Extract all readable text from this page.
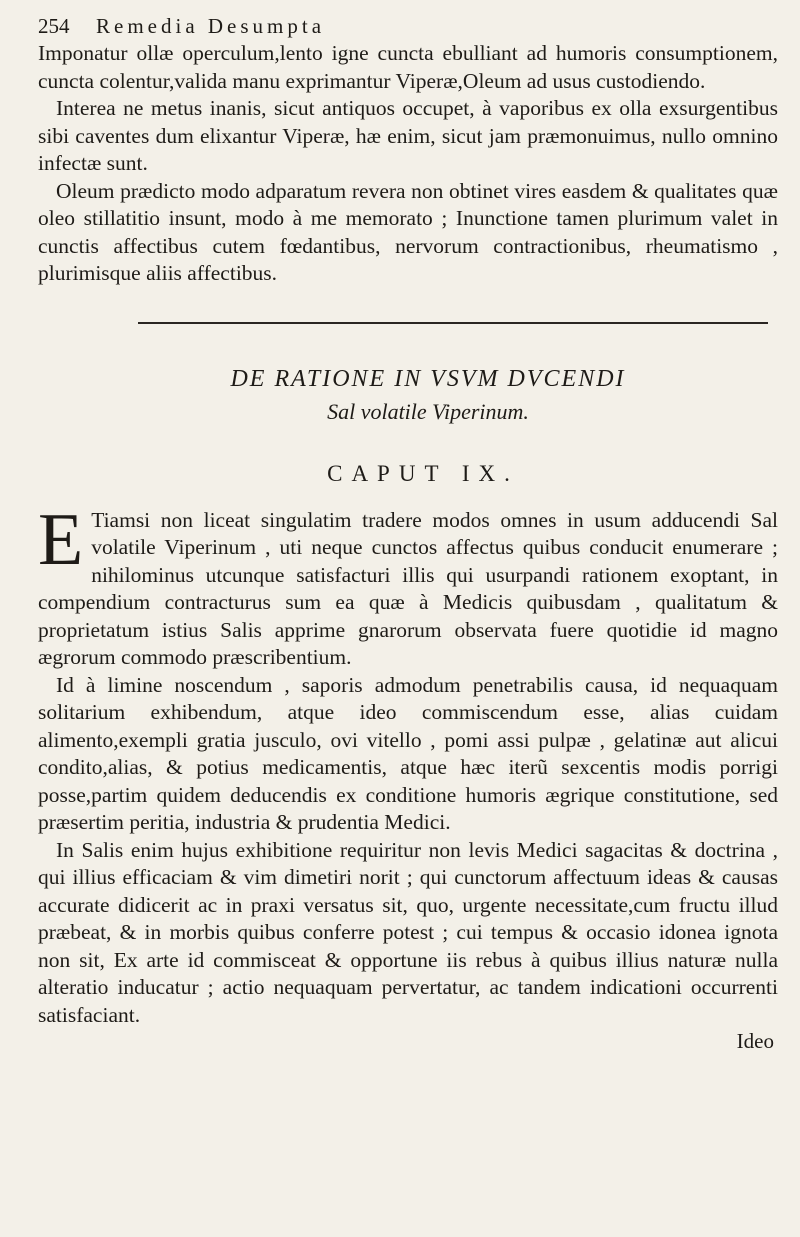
254	Remedia Desumpta

Imponatur ollæ operculum,lento igne cuncta ebulliant ad humoris consumptionem, cuncta colentur,valida manu exprimantur Viperæ,Oleum ad usus custodiendo.

Interea ne metus inanis, sicut antiquos occupet, à vaporibus ex olla exsurgentibus sibi caventes dum elixantur Viperæ, hæ enim, sicut jam præmonuimus, nullo omnino infectæ sunt.

Oleum prædicto modo adparatum revera non obtinet vires easdem & qualitates quæ oleo stillatitio insunt, modo à me memorato ; Inunctione tamen plurimum valet in cunctis affectibus cutem fœdantibus, nervorum contractionibus, rheumatismo , plurimisque aliis affectibus.

DE RATIONE IN VSVM DVCENDI
Sal volatile Viperinum.
CAPUT IX.
E Tiamsi non liceat singulatim tradere modos omnes in usum adducendi Sal volatile Viperinum , uti neque cunctos affectus quibus conducit enumerare ; nihilominus utcunque satisfacturi illis qui usurpandi rationem exoptant, in compendium contracturus sum ea quæ à Medicis quibusdam , qualitatum & proprietatum istius Salis apprime gnarorum observata fuere quotidie id magno ægrorum commodo præscribentium.

Id à limine noscendum , saporis admodum penetrabilis causa, id nequaquam solitarium exhibendum, atque ideo commiscendum esse, alias cuidam alimento,exempli gratia jusculo, ovi vitello , pomi assi pulpæ , gelatinæ aut alicui condito,alias, & potius medicamentis, atque hæc iterũ sexcentis modis porrigi posse,partim quidem deducendis ex conditione humoris ægrique constitutione, sed præsertim peritia, industria & prudentia Medici.

In Salis enim hujus exhibitione requiritur non levis Medici sagacitas & doctrina , qui illius efficaciam & vim dimetiri norit ; qui cunctorum affectuum ideas & causas accurate didicerit ac in praxi versatus sit, quo, urgente necessitate,cum fructu illud præbeat, & in morbis quibus conferre potest ; cui tempus & occasio idonea ignota non sit, Ex arte id commisceat & opportune iis rebus à quibus illius naturæ nulla alteratio inducatur ; actio nequaquam pervertatur, ac tandem indicationi occurrenti satisfaciant.

Ideo
